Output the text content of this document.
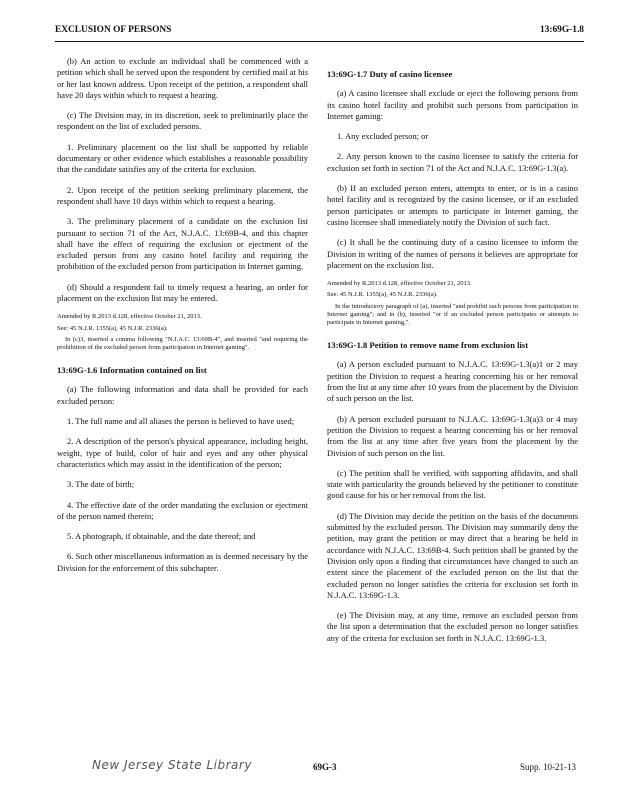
EXCLUSION OF PERSONS	13:69G-1.8

(b) An action to exclude an individual shall be commenced with a petition which shall be served upon the respondent by certified mail at his or her last known address. Upon receipt of the petition, a respondent shall have 20 days within which to request a hearing.

(c) The Division may, in its discretion, seek to preliminarily place the respondent on the list of excluded persons.

1. Preliminary placement on the list shall be supported by reliable documentary or other evidence which establishes a reasonable possibility that the candidate satisfies any of the criteria for exclusion.

2. Upon receipt of the petition seeking preliminary placement, the respondent shall have 10 days within which to request a hearing.

3. The preliminary placement of a candidate on the exclusion list pursuant to section 71 of the Act, N.J.A.C. 13:69B-4, and this chapter shall have the effect of requiring the exclusion or ejectment of the excluded person from any casino hotel facility and requiring the prohibition of the excluded person from participation in Internet gaming.

(d) Should a respondent fail to timely request a hearing, an order for placement on the exclusion list may be entered.

Amended by R.2013 d.128, effective October 21, 2013.

See: 45 N.J.R. 1355(a), 45 N.J.R. 2336(a).

In (c)3, inserted a comma following "N.J.A.C. 13:69B-4", and inserted "and requiring the prohibition of the excluded person from participation in Internet gaming".

13:69G-1.6 Information contained on list

(a) The following information and data shall be provided for each excluded person:

1. The full name and all aliases the person is believed to have used;

2. A description of the person's physical appearance, including height, weight, type of build, color of hair and eyes and any other physical characteristics which may assist in the identification of the person;

3. The date of birth;

4. The effective date of the order mandating the exclusion or ejectment of the person named therein;

5. A photograph, if obtainable, and the date thereof; and

6. Such other miscellaneous information as is deemed necessary by the Division for the enforcement of this subchapter.

13:69G-1.7 Duty of casino licensee

(a) A casino licensee shall exclude or eject the following persons from its casino hotel facility and prohibit such persons from participation in Internet gaming:

1. Any excluded person; or

2. Any person known to the casino licensee to satisfy the criteria for exclusion set forth in section 71 of the Act and N.J.A.C. 13:69G-1.3(a).

(b) If an excluded person enters, attempts to enter, or is in a casino hotel facility and is recognized by the casino licensee, or if an excluded person participates or attempts to participate in Internet gaming, the casino licensee shall immediately notify the Division of such fact.

(c) It shall be the continuing duty of a casino licensee to inform the Division in writing of the names of persons it believes are appropriate for placement on the exclusion list.

Amended by R.2013 d.128, effective October 21, 2013.

See: 45 N.J.R. 1355(a), 45 N.J.R. 2336(a).

In the introductory paragraph of (a), inserted "and prohibit such persons from participation in Internet gaming"; and in (b), inserted "or if an excluded person participates or attempts to participate in Internet gaming,".

13:69G-1.8 Petition to remove name from exclusion list

(a) A person excluded pursuant to N.J.A.C. 13:69G-1.3(a)1 or 2 may petition the Division to request a hearing concerning his or her removal from the list at any time after 10 years from the placement by the Division of such person on the list.

(b) A person excluded pursuant to N.J.A.C. 13:69G-1.3(a)3 or 4 may petition the Division to request a hearing concerning his or her removal from the list at any time after five years from the placement by the Division of such person on the list.

(c) The petition shall be verified, with supporting affidavits, and shall state with particularity the grounds believed by the petitioner to constitute good cause for his or her removal from the list.

(d) The Division may decide the petition on the basis of the documents submitted by the excluded person. The Division may summarily deny the petition, may grant the petition or may direct that a hearing be held in accordance with N.J.A.C. 13:69B-4. Such petition shall be granted by the Division only upon a finding that circumstances have changed to such an extent since the placement of the excluded person on the list that the excluded person no longer satisfies the criteria for exclusion set forth in N.J.A.C. 13:69G-1.3.

(e) The Division may, at any time, remove an excluded person from the list upon a determination that the excluded person no longer satisfies any of the criteria for exclusion set forth in N.J.A.C. 13:69G-1.3.

New Jersey State Library	69G-3	Supp. 10-21-13
